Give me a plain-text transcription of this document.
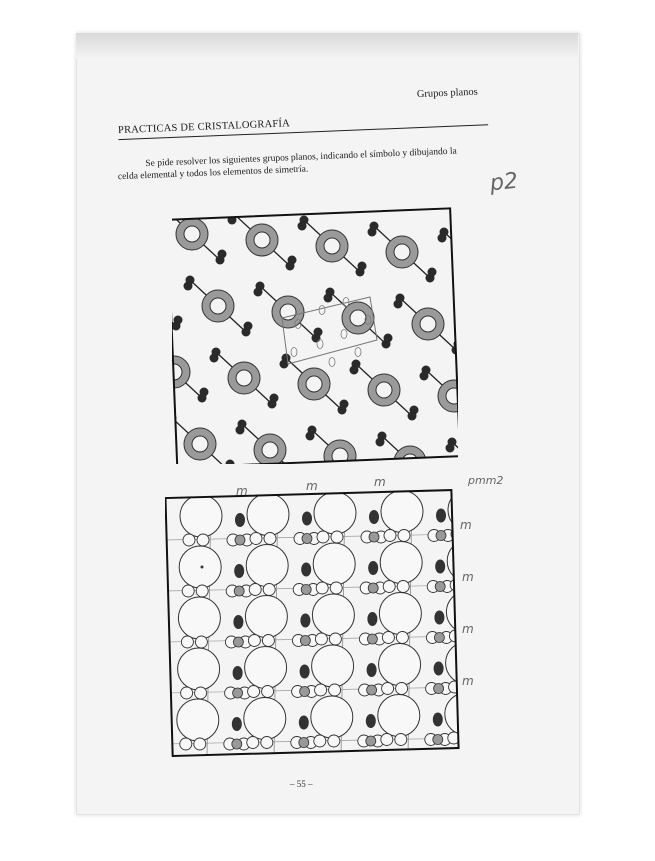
PRACTICAS DE CRISTALOGRAFÍA
Grupos planos
Se pide resolver los siguientes grupos planos, indicando el símbolo y dibujando la celda elemental y todos los elementos de simetría.	p2
pmm2
m	m	m
m
m
m
m
– 55 –
